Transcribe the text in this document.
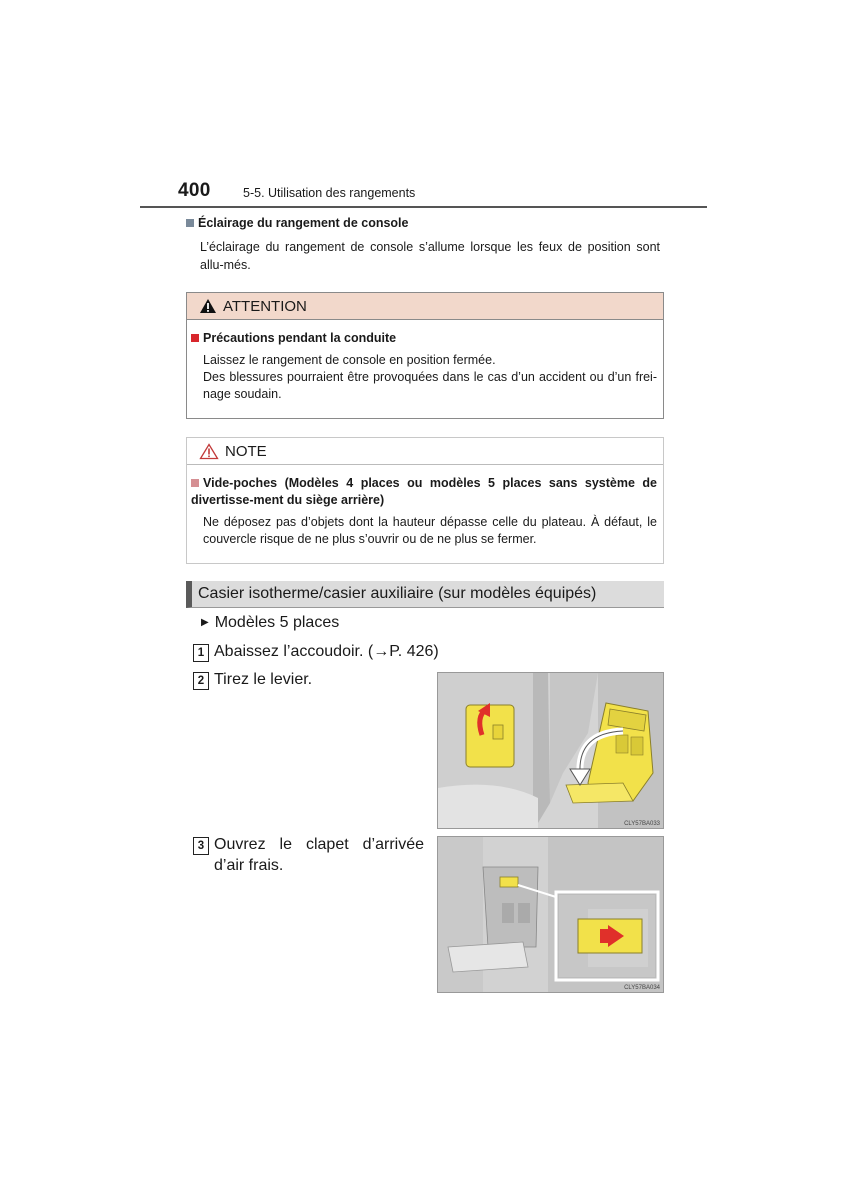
400	5-5. Utilisation des rangements
Éclairage du rangement de console
L’éclairage du rangement de console s’allume lorsque les feux de position sont allu-més.
ATTENTION
Précautions pendant la conduite
Laissez le rangement de console en position fermée.
Des blessures pourraient être provoquées dans le cas d’un accident ou d’un frei-nage soudain.
NOTE
Vide-poches (Modèles 4 places ou modèles 5 places sans système de divertisse-ment du siège arrière)
Ne déposez pas d’objets dont la hauteur dépasse celle du plateau. À défaut, le couvercle risque de ne plus s’ouvrir ou de ne plus se fermer.
Casier isotherme/casier auxiliaire (sur modèles équipés)
▶ Modèles 5 places
1 Abaissez l’accoudoir. (→P. 426)
2 Tirez le levier.
3 Ouvrez le clapet d’arrivée d’air frais.
CLY57BA033
CLY57BA034
